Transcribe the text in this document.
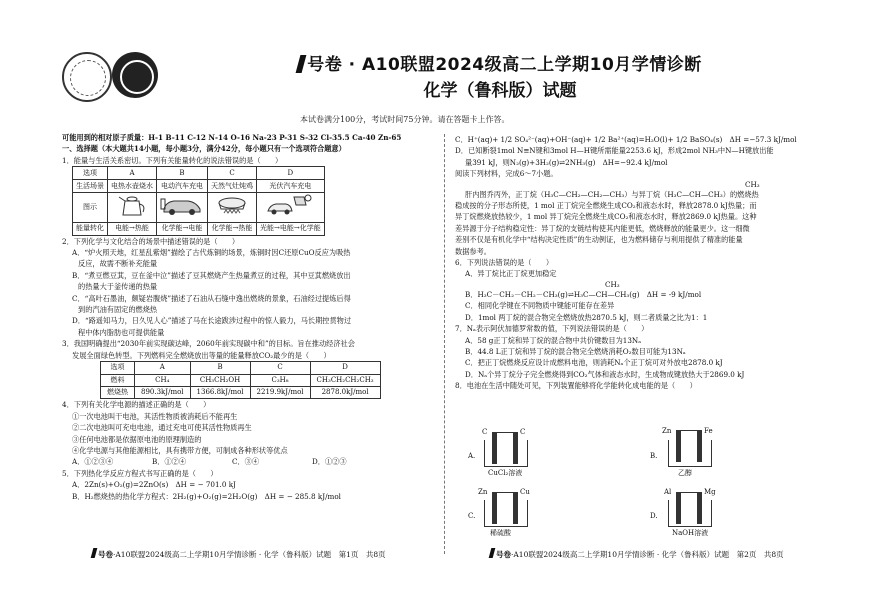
号卷 · A10联盟2024级高二上学期10月学情诊断
化学（鲁科版）试题
本试卷满分100分，考试时间75分钟。请在答题卡上作答。
可能用到的相对原子质量：H-1 B-11 C-12 N-14 O-16 Na-23 P-31 S-32 Cl-35.5 Ca-40 Zn-65
一、选择题（本大题共14小题，每小题3分，满分42分，每小题只有一个选项符合题意）
1．能量与生活关系密切。下列有关能量转化的说法错误的是（　　）
选项	A	B	C	D
生活场景	电热水壶烧水	电动汽车充电	天然气灶炖鸡	光伏汽车充电
图示				
能量转化	电能→热能	化学能→电能	化学能→热能	光能→电能→化学能
2．下列化学与文化结合的场景中描述错误的是（　　）
A．“炉火照天地，红星乱紫烟”描绘了古代炼铜的场景，炼铜时因C还原CuO反应为吸热
反应，故需不断补充能量
B．“煮豆燃豆萁，豆在釜中泣”描述了豆其燃烧产生热量煮豆的过程，其中豆萁燃烧放出
的热量大于釜传递的热量
C．“高叶石墨油，颇疑岩腹烧”描述了石油从石缝中逸出燃烧的景象，石油经过提炼后得
到的汽油有固定的燃烧热
D．“路遥知马力，日久见人心”描述了马在长途跋涉过程中的惊人毅力，马长期控贯物过
程中体内脂肪也可提供能量
3．我国明确提出“2030年前实现碳达峰，2060年前实现碳中和”的目标。旨在推动经济社会
发展全面绿色转型。下列燃料完全燃烧放出等量的能量释放CO₂最少的是（　　）
选项	A	B	C	D
燃料	CH₄	CH₃CH₂OH	C₃H₈	CH₃CH₂CH₂CH₃
燃烧热	890.3kJ/mol	1366.8kJ/mol	2219.9kJ/mol	2878.0kJ/mol
4．下列有关化学电源的描述正确的是（　　）
①一次电池叫干电池，其活性物质被消耗后不能再生
②二次电池叫可充电电池，通过充电可使其活性物质再生
③任何电池都是依据原电池的原理制造的
④化学电源与其他能源相比，具有携带方便，可制成各种形状等优点
A．①②③④	B．①②④	C．③④	D．①②③
5．下列热化学反应方程式书写正确的是（　　）
A．2Zn(s)+O₂(g)=2ZnO(s)　ΔH = − 701.0 kJ
B．H₂燃烧热的热化学方程式：2H₂(g)+O₂(g)=2H₂O(g)　ΔH = − 285.8 kJ/mol
C．H⁺(aq)+ 1/2 SO₄²⁻(aq)+OH⁻(aq)+ 1/2 Ba²⁺(aq)=H₂O(l)+ 1/2 BaSO₄(s)　ΔH =−57.3 kJ/mol
D．已知断裂1mol N≡N键和3mol H—H键所需能量2253.6 kJ，形成2mol NH₃中N—H键放出能
量391 kJ，则N₂(g)+3H₂(g)⇌2NH₃(g)　ΔH=−92.4 kJ/mol
阅读下列材料，完成6～7小题。
CH₃
肝内图乔丙外，正丁烷（H₃C—CH₂—CH₂—CH₃）与异丁烷（H₃C—CH—CH₃）的燃烧热
稳成按的分子形态所使，1 mol 正丁烷完全燃烧生成CO₂和液态水时，释放2878.0 kJ热量；而
异丁烷燃烧放热较少，1 mol 异丁烷完全燃烧生成CO₂和液态水时，释放2869.0 kJ热量。这种
差异源于分子结构稳定性：异丁烷的支链结构使其内能更低，燃烧释放的能量更少。这一细微
差别不仅是有机化学中“结构决定性质”的生动例证，也为燃料储存与利用提供了精准的能量
数据参考。
6．下列说法错误的是（　　）
A．异丁烷比正丁烷更加稳定
CH₃
B．H₃C－CH₂－CH₂－CH₃(g)⇌H₃C—CH—CH₃(g)　ΔH = -9 kJ/mol
C．相同化学键在不同物质中键能可能存在差异
D．1mol 两丁烷的混合物完全燃烧放热2870.5 kJ，则二者质量之比为1：1
7．Nₐ表示阿伏加德罗常数的值，下列说法错误的是（　　）
A．58 g正丁烷和异丁烷的混合物中共价键数目为13Nₐ
B．44.8 L正丁烷和异丁烷的混合物完全燃烧消耗O₂数目可能为13Nₐ
C．把正丁烷燃烧反应设计成燃料电池，则消耗Nₐ个正丁烷可对外放电2878.0 kJ
D．Nₐ个异丁烷分子完全燃烧得到CO₂气体和液态水时，生成物成键放热大于2869.0 kJ
8．电池在生活中随处可见，下列装置能够将化学能转化成电能的是（　　）
A.
C	C
CuCl₂溶液
B.
Zn	Fe
乙醇
C.
Zn	Cu
稀硫酸
D.
Al	Mg
NaOH溶液
号卷·A10联盟2024级高二上学期10月学情诊断 · 化学（鲁科版）试题　第1页　共8页	号卷·A10联盟2024级高二上学期10月学情诊断 · 化学（鲁科版）试题　第2页　共8页
